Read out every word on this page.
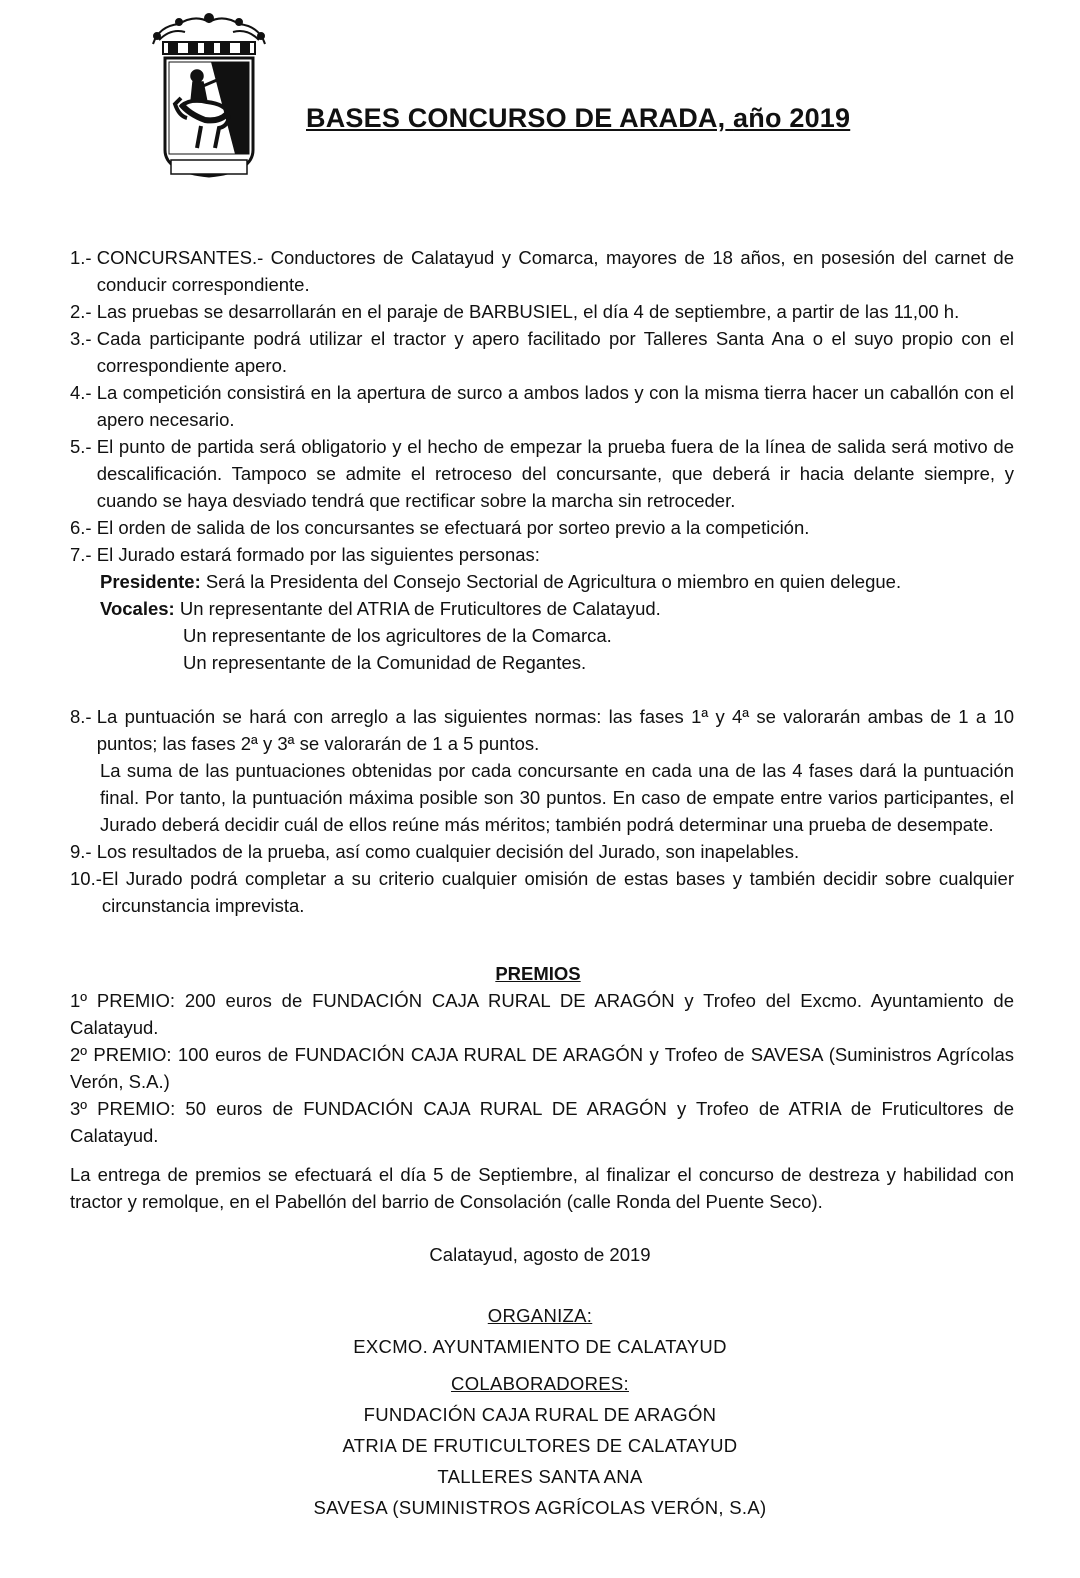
BASES CONCURSO DE ARADA, año 2019
1.- CONCURSANTES.- Conductores de Calatayud y Comarca, mayores de 18 años, en posesión del carnet de conducir correspondiente.
2.- Las pruebas se desarrollarán en el paraje de BARBUSIEL, el día 4 de septiembre, a partir de las 11,00 h.
3.- Cada participante podrá utilizar el tractor y apero facilitado por Talleres Santa Ana o el suyo propio con el correspondiente apero.
4.- La competición consistirá en la apertura de surco a ambos lados y con la misma tierra hacer un caballón con el apero necesario.
5.- El punto de partida será obligatorio y el hecho de empezar la prueba fuera de la línea de salida será motivo de descalificación. Tampoco se admite el retroceso del concursante, que deberá ir hacia delante siempre, y cuando se haya desviado tendrá que rectificar sobre la marcha sin retroceder.
6.- El orden de salida de los concursantes se efectuará por sorteo previo a la competición.
7.- El Jurado estará formado por las siguientes personas:
Presidente: Será la Presidenta del Consejo Sectorial de Agricultura o miembro en quien delegue.
Vocales: Un representante del ATRIA de Fruticultores de Calatayud.
Un representante de los agricultores de la Comarca.
Un representante de la Comunidad de Regantes.
8.- La puntuación se hará con arreglo a las siguientes normas: las fases 1ª y 4ª se valorarán ambas de 1 a 10 puntos; las fases 2ª y 3ª se valorarán de 1 a 5 puntos.
La suma de las puntuaciones obtenidas por cada concursante en cada una de las 4 fases dará la puntuación final. Por tanto, la puntuación máxima posible son 30 puntos. En caso de empate entre varios participantes, el Jurado deberá decidir cuál de ellos reúne más méritos; también podrá determinar una prueba de desempate.
9.- Los resultados de la prueba, así como cualquier decisión del Jurado, son inapelables.
10.- El Jurado podrá completar a su criterio cualquier omisión de estas bases y también decidir sobre cualquier circunstancia imprevista.
PREMIOS
1º PREMIO: 200 euros de FUNDACIÓN CAJA RURAL DE ARAGÓN y Trofeo del Excmo. Ayuntamiento de Calatayud.
2º PREMIO: 100 euros de FUNDACIÓN CAJA RURAL DE ARAGÓN y Trofeo de SAVESA (Suministros Agrícolas Verón, S.A.)
3º PREMIO: 50 euros de FUNDACIÓN CAJA RURAL DE ARAGÓN y Trofeo de ATRIA de Fruticultores de Calatayud.
La entrega de premios se efectuará el día 5 de Septiembre, al finalizar el concurso de destreza y habilidad con tractor y remolque, en el Pabellón del barrio de Consolación (calle Ronda del Puente Seco).
Calatayud, agosto de 2019
ORGANIZA:
EXCMO. AYUNTAMIENTO DE CALATAYUD
COLABORADORES:
FUNDACIÓN CAJA RURAL DE ARAGÓN
ATRIA DE FRUTICULTORES DE CALATAYUD
TALLERES SANTA ANA
SAVESA (SUMINISTROS AGRÍCOLAS VERÓN, S.A)
